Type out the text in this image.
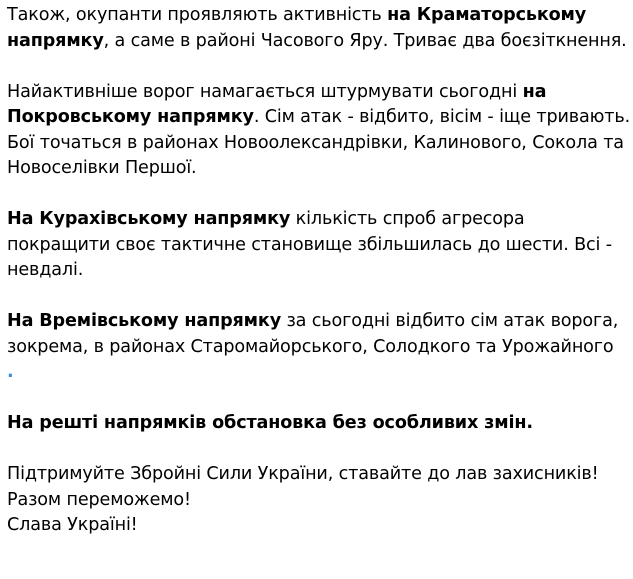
Також, окупанти проявляють активність на Краматорському напрямку, а саме в районі Часового Яру. Триває два боєзіткнення.

Найактивніше ворог намагається штурмувати сьогодні на Покровському напрямку. Сім атак - відбито, вісім - іще тривають. Бої точаться в районах Новоолександрівки, Калинового, Сокола та Новоселівки Першої.

На Курахівському напрямку кількість спроб агресора покращити своє тактичне становище збільшилась до шести. Всі - невдалі.

На Времівському напрямку за сьогодні відбито сім атак ворога, зокрема, в районах Старомайорського, Солодкого та Урожайного
.

На решті напрямків обстановка без особливих змін.

Підтримуйте Збройні Сили України, ставайте до лав захисників!
Разом переможемо!
Слава Україні!
